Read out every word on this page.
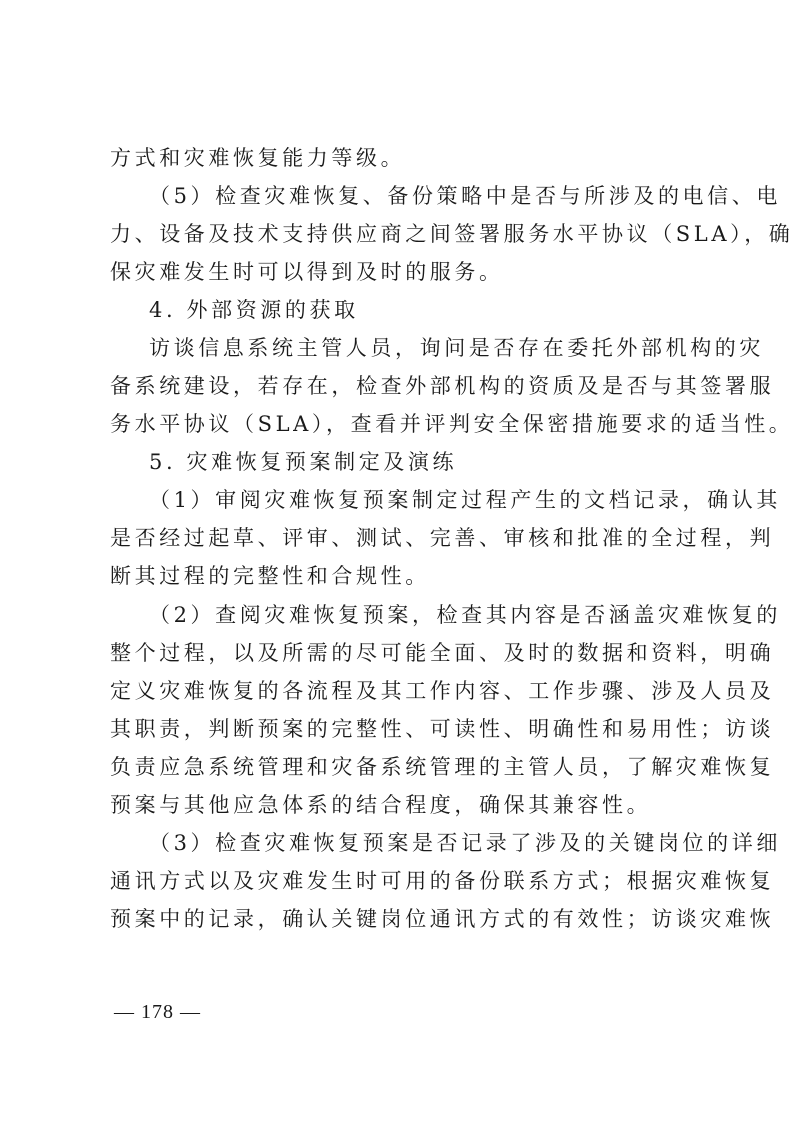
方式和灾难恢复能力等级。
（5）检查灾难恢复、备份策略中是否与所涉及的电信、电
力、设备及技术支持供应商之间签署服务水平协议（SLA），确
保灾难发生时可以得到及时的服务。
4. 外部资源的获取
访谈信息系统主管人员，询问是否存在委托外部机构的灾
备系统建设，若存在，检查外部机构的资质及是否与其签署服
务水平协议（SLA），查看并评判安全保密措施要求的适当性。
5. 灾难恢复预案制定及演练
（1）审阅灾难恢复预案制定过程产生的文档记录，确认其
是否经过起草、评审、测试、完善、审核和批准的全过程，判
断其过程的完整性和合规性。
（2）查阅灾难恢复预案，检查其内容是否涵盖灾难恢复的
整个过程，以及所需的尽可能全面、及时的数据和资料，明确
定义灾难恢复的各流程及其工作内容、工作步骤、涉及人员及
其职责，判断预案的完整性、可读性、明确性和易用性；访谈
负责应急系统管理和灾备系统管理的主管人员，了解灾难恢复
预案与其他应急体系的结合程度，确保其兼容性。
（3）检查灾难恢复预案是否记录了涉及的关键岗位的详细
通讯方式以及灾难发生时可用的备份联系方式；根据灾难恢复
预案中的记录，确认关键岗位通讯方式的有效性；访谈灾难恢
— 178 —
